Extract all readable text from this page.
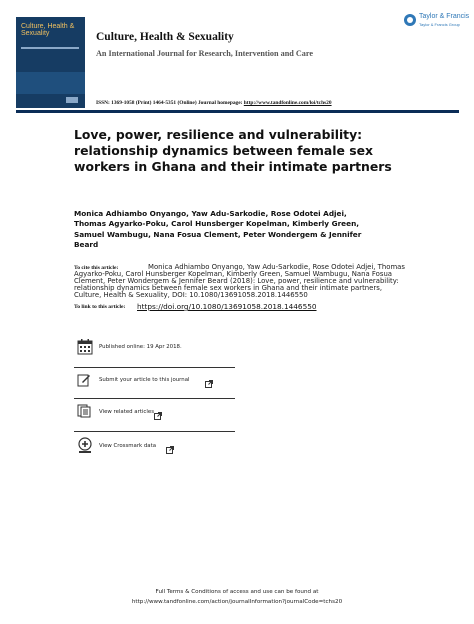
Culture, Health & Sexuality	Culture, Health & Sexuality
An International Journal for Research, Intervention and Care
Taylor & Francis
Taylor & Francis Group
ISSN: 1369-1058 (Print) 1464-5351 (Online) Journal homepage: http://www.tandfonline.com/loi/tchs20
Love, power, resilience and vulnerability: relationship dynamics between female sex workers in Ghana and their intimate partners
Monica Adhiambo Onyango, Yaw Adu-Sarkodie, Rose Odotei Adjei, Thomas Agyarko-Poku, Carol Hunsberger Kopelman, Kimberly Green, Samuel Wambugu, Nana Fosua Clement, Peter Wondergem & Jennifer Beard
Monica Adhiambo Onyango, Yaw Adu-Sarkodie, Rose Odotei Adjei, Thomas Agyarko-Poku, Carol Hunsberger Kopelman, Kimberly Green, Samuel Wambugu, Nana Fosua Clement, Peter Wondergem & Jennifer Beard (2018): Love, power, resilience and vulnerability: relationship dynamics between female sex workers in Ghana and their intimate partners, Culture, Health & Sexuality, DOI: 10.1080/13691058.2018.1446550
To cite this article:
To link to this article: https://doi.org/10.1080/13691058.2018.1446550
Published online: 19 Apr 2018.
Submit your article to this journal
View related articles
View Crossmark data
Full Terms & Conditions of access and use can be found at
http://www.tandfonline.com/action/journalInformation?journalCode=tchs20
